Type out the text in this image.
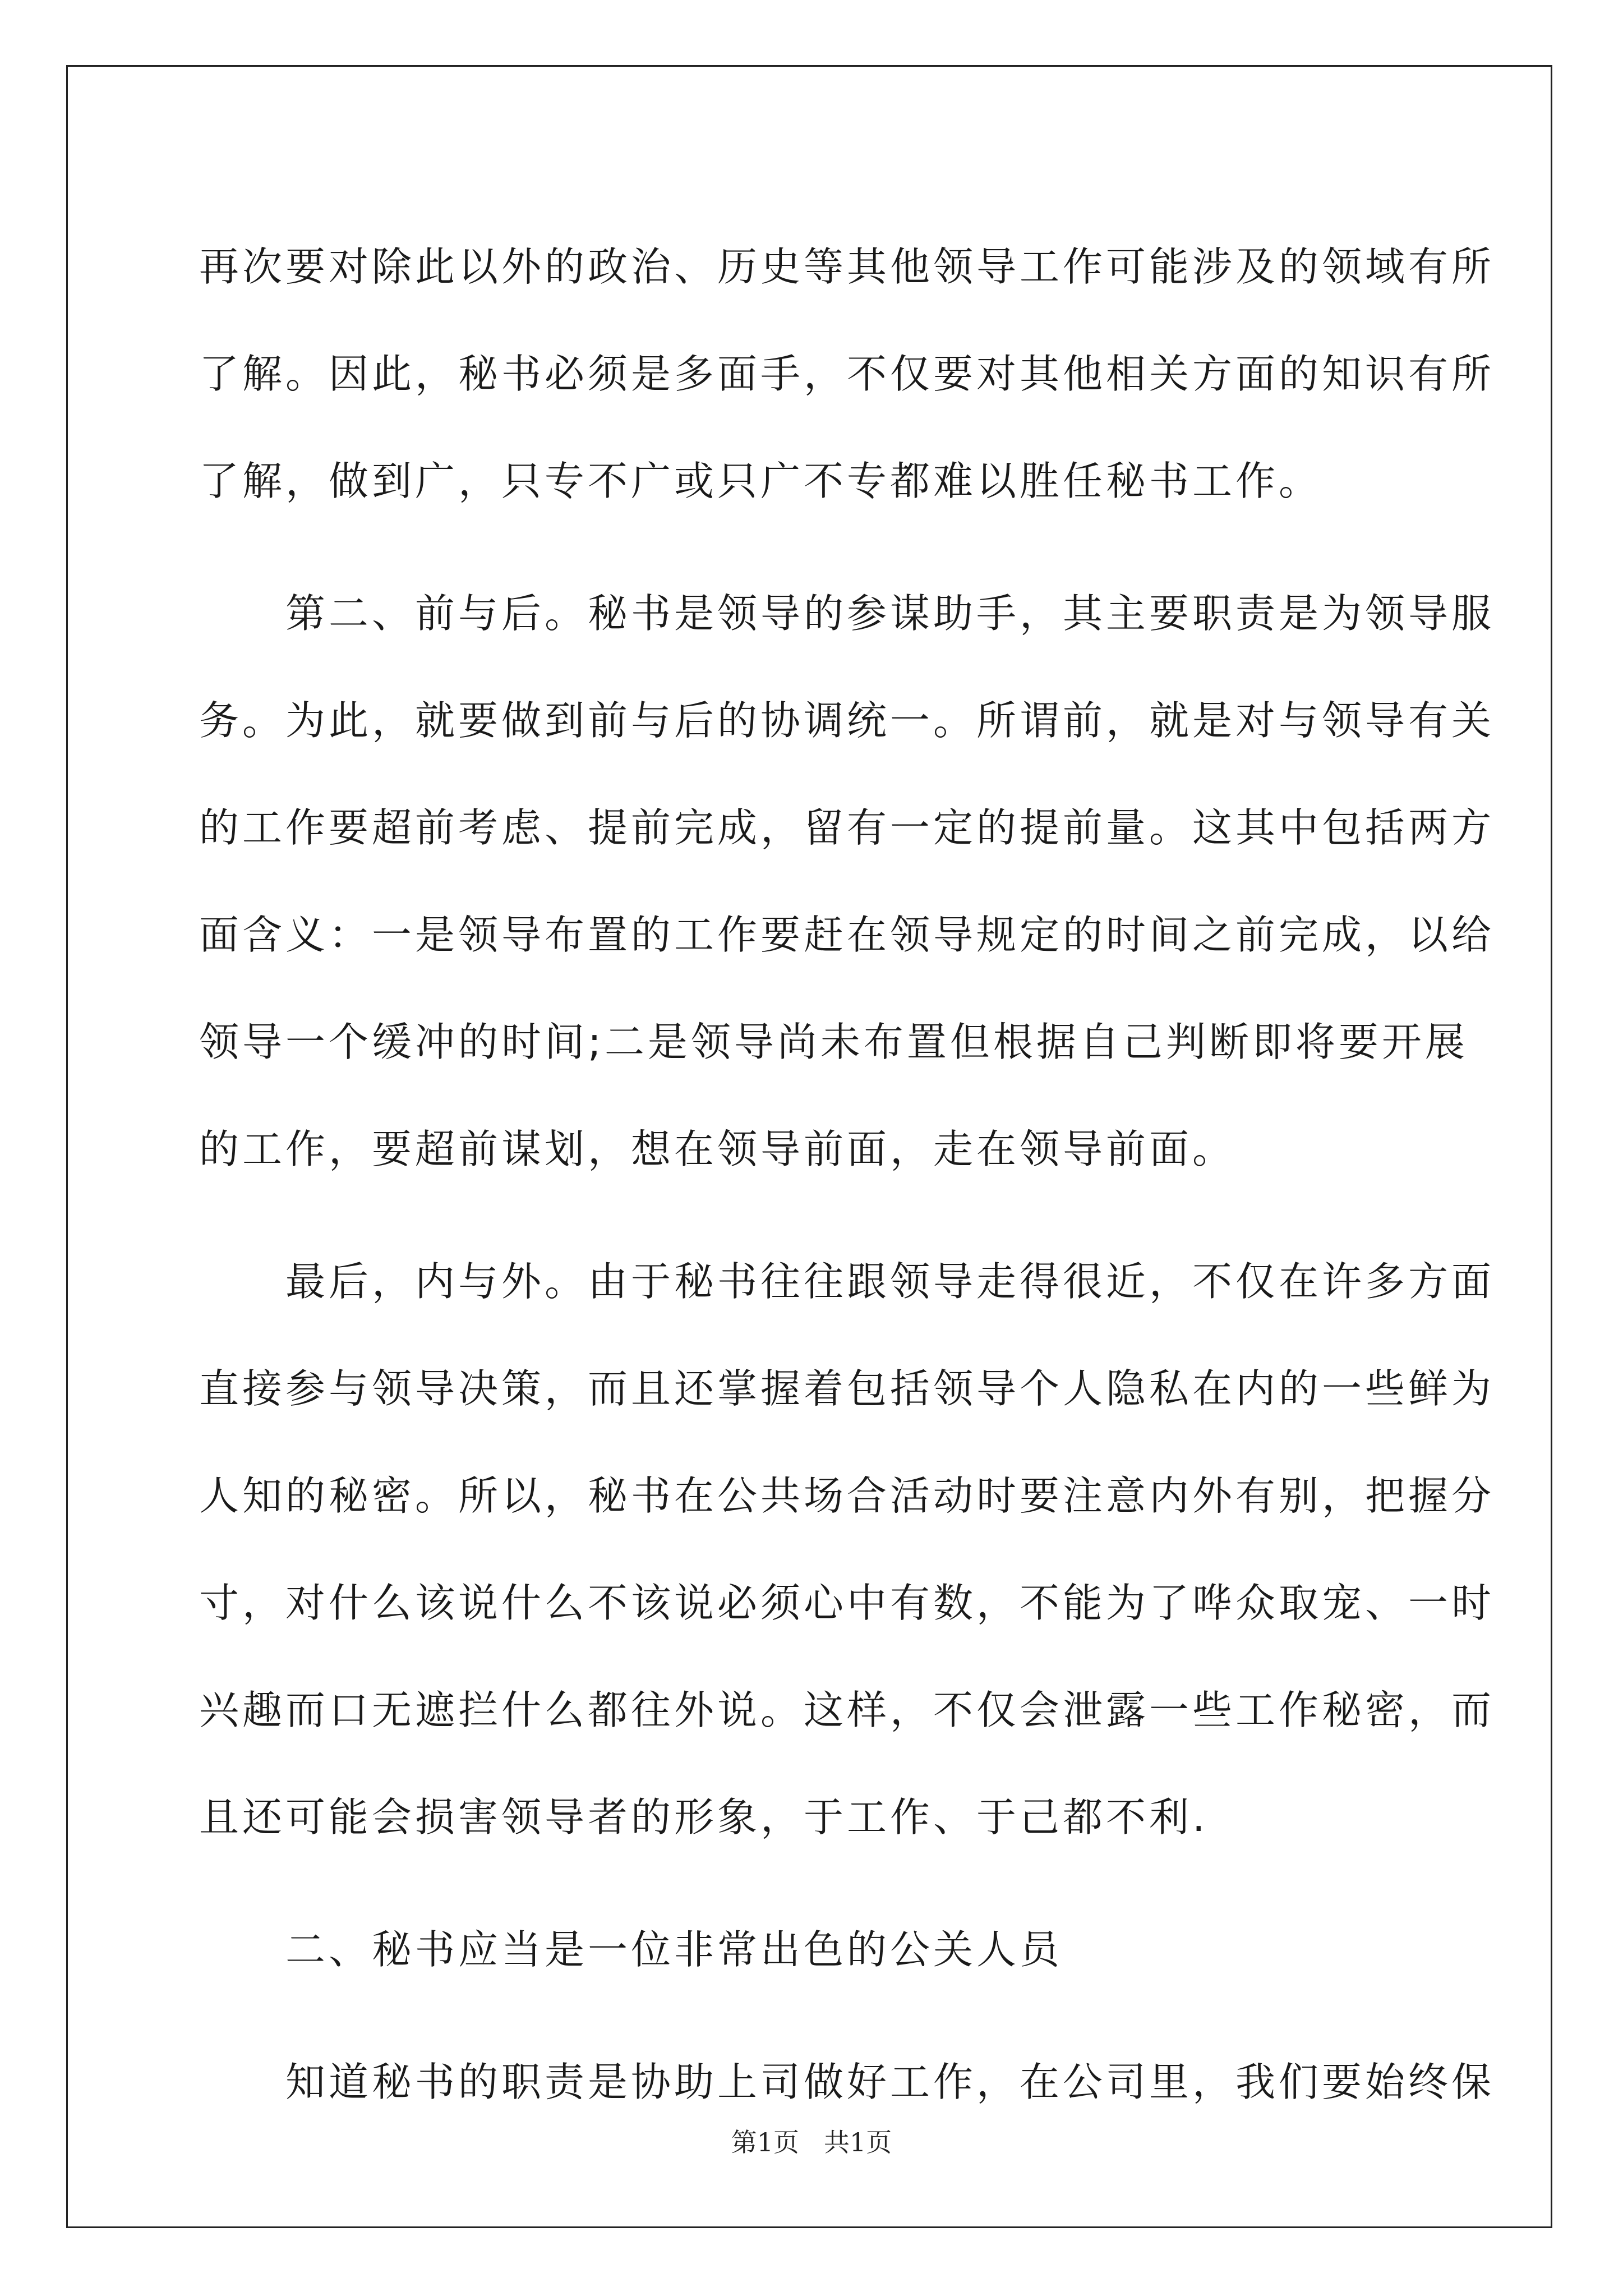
再次要对除此以外的政治、历史等其他领导工作可能涉及的领域有所
了解。因此，秘书必须是多面手，不仅要对其他相关方面的知识有所
了解，做到广，只专不广或只广不专都难以胜任秘书工作。
　　第二、前与后。秘书是领导的参谋助手，其主要职责是为领导服
务。为此，就要做到前与后的协调统一。所谓前，就是对与领导有关
的工作要超前考虑、提前完成，留有一定的提前量。这其中包括两方
面含义：一是领导布置的工作要赶在领导规定的时间之前完成，以给
领导一个缓冲的时间;二是领导尚未布置但根据自己判断即将要开展
的工作，要超前谋划，想在领导前面，走在领导前面。
　　最后，内与外。由于秘书往往跟领导走得很近，不仅在许多方面
直接参与领导决策，而且还掌握着包括领导个人隐私在内的一些鲜为
人知的秘密。所以，秘书在公共场合活动时要注意内外有别，把握分
寸，对什么该说什么不该说必须心中有数，不能为了哗众取宠、一时
兴趣而口无遮拦什么都往外说。这样，不仅会泄露一些工作秘密，而
且还可能会损害领导者的形象，于工作、于己都不利.
　　二、秘书应当是一位非常出色的公关人员
　　知道秘书的职责是协助上司做好工作，在公司里，我们要始终保
第1页 共1页
